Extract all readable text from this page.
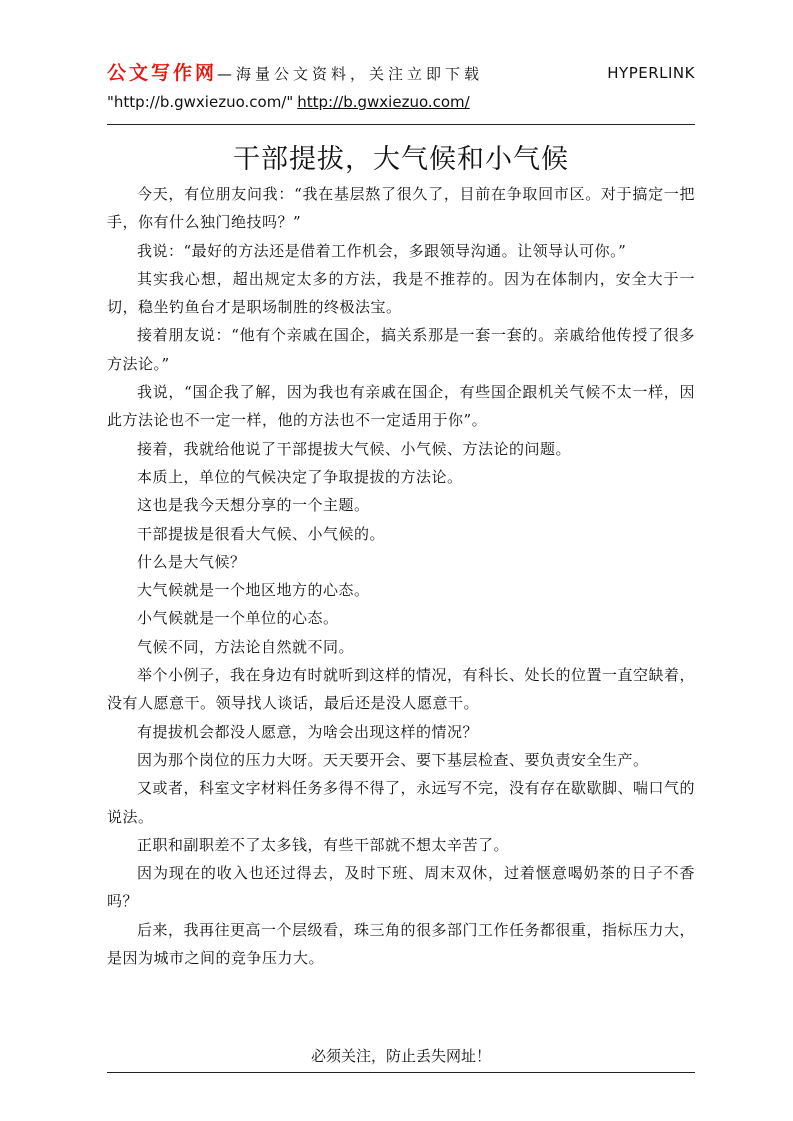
公文写作网—海量公文资料，关注立即下载	HYPERLINK
"http://b.gwxiezuo.com/" http://b.gwxiezuo.com/
干部提拔，大气候和小气候

今天，有位朋友问我：“我在基层熬了很久了，目前在争取回市区。对于搞定一把手，你有什么独门绝技吗？”

我说：“最好的方法还是借着工作机会，多跟领导沟通。让领导认可你。”

其实我心想，超出规定太多的方法，我是不推荐的。因为在体制内，安全大于一切，稳坐钓鱼台才是职场制胜的终极法宝。

接着朋友说：“他有个亲戚在国企，搞关系那是一套一套的。亲戚给他传授了很多方法论。”

我说，“国企我了解，因为我也有亲戚在国企，有些国企跟机关气候不太一样，因此方法论也不一定一样，他的方法也不一定适用于你”。

接着，我就给他说了干部提拔大气候、小气候、方法论的问题。

本质上，单位的气候决定了争取提拔的方法论。

这也是我今天想分享的一个主题。

干部提拔是很看大气候、小气候的。

什么是大气候？

大气候就是一个地区地方的心态。

小气候就是一个单位的心态。

气候不同，方法论自然就不同。

举个小例子，我在身边有时就听到这样的情况，有科长、处长的位置一直空缺着，没有人愿意干。领导找人谈话，最后还是没人愿意干。

有提拔机会都没人愿意，为啥会出现这样的情况？

因为那个岗位的压力大呀。天天要开会、要下基层检查、要负责安全生产。

又或者，科室文字材料任务多得不得了，永远写不完，没有存在歇歇脚、喘口气的说法。

正职和副职差不了太多钱，有些干部就不想太辛苦了。

因为现在的收入也还过得去，及时下班、周末双休，过着惬意喝奶茶的日子不香吗？

后来，我再往更高一个层级看，珠三角的很多部门工作任务都很重，指标压力大，是因为城市之间的竞争压力大。

必须关注，防止丢失网址！
